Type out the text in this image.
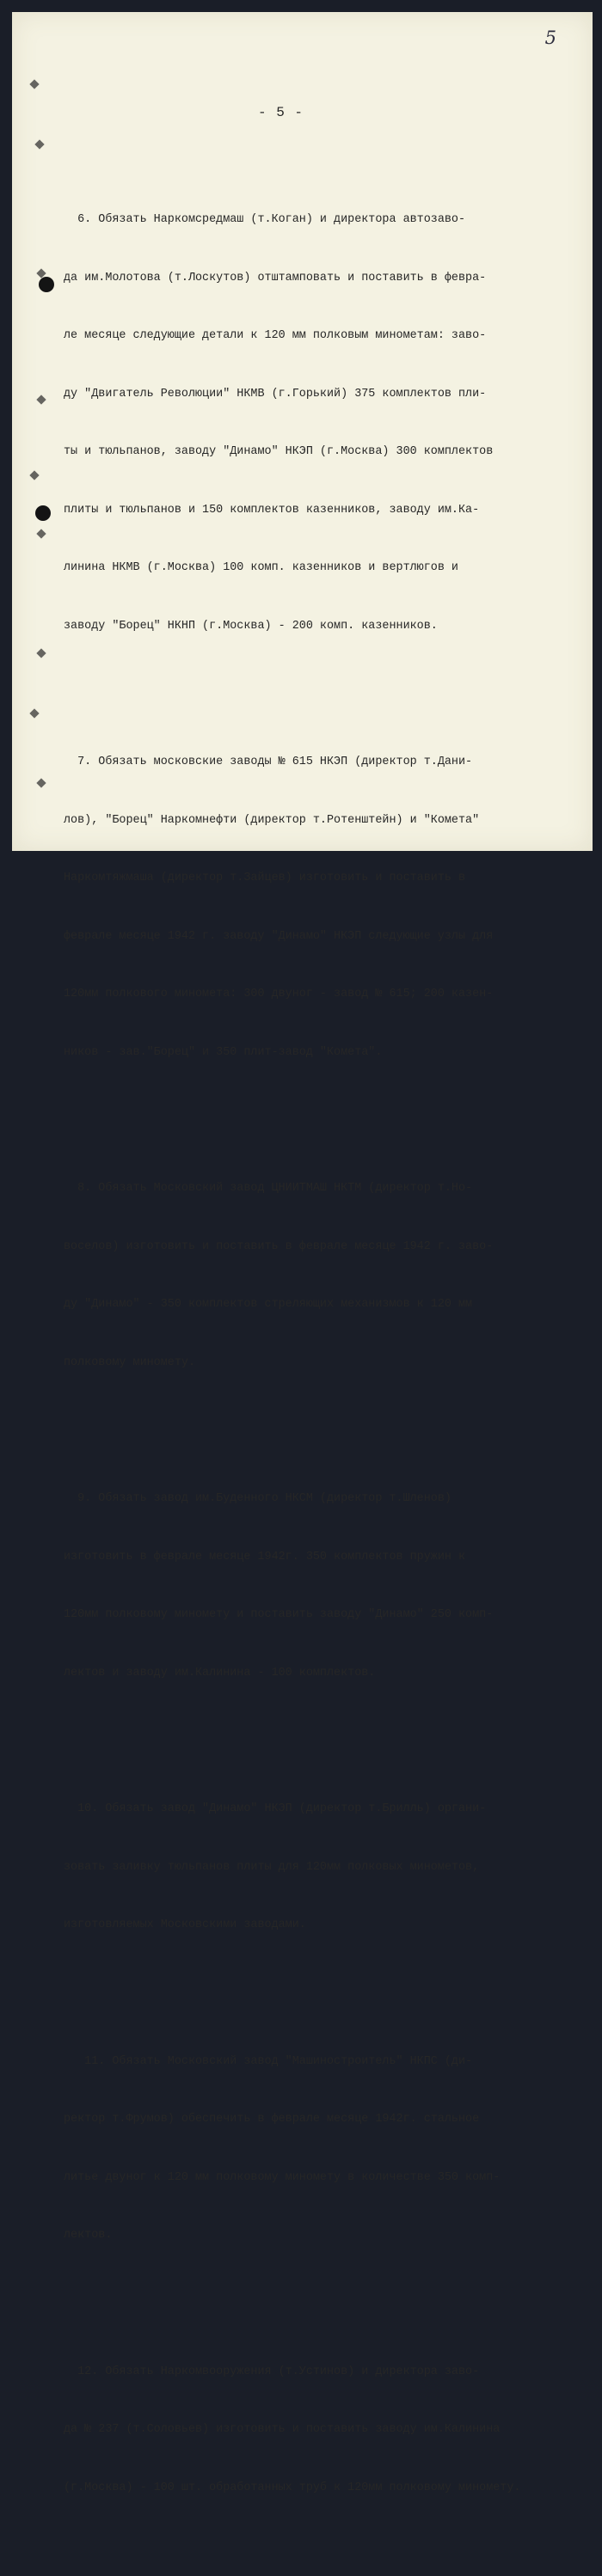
5
- 5 -

6. Обязать Наркомсредмаш (т.Коган) и директора автозаво-

да им.Молотова (т.Лоскутов) отштамповать и поставить в февра-

ле месяце следующие детали к 120 мм полковым минометам: заво-

ду "Двигатель Революции" НКМВ (г.Горький) 375 комплектов пли-

ты и тюльпанов, заводу "Динамо" НКЭП (г.Москва) 300 комплектов

плиты и тюльпанов и 150 комплектов казенников, заводу им.Ка-

линина НКМВ (г.Москва) 100 комп. казенников и вертлюгов и

заводу "Борец" НКНП (г.Москва) - 200 комп. казенников.

7. Обязать московские заводы № 615 НКЭП (директор т.Дани-

лов), "Борец" Наркомнефти (директор т.Ротенштейн) и "Комета"

Наркомтяжмаша (директор т.Зайцев) изготовить и поставить в

феврале месяце 1942 г. заводу "Динамо" НКЭП следующие узлы для

120мм полкового миномета: 300 двуног - завод № 615; 200 казен-

ников - зав."Борец" и 350 плит-завод "Комета".

8. Обязать Московский завод ЦНИИТМАШ НКТМ (директор т.Но-

воселов) изготовить и поставить в феврале месяце 1942 г. заво-

ду "Динамо" - 350 комплектов стреляющих механизмов к 120 мм

полковому миномету.

9. Обязать завод им.Буденного НКСМ (директор т.Шленов)

изготовить в феврале месяце 1942г. 350 комплектов пружин к

120мм полковому миномету и поставить заводу "Динамо" 250 комп-

лектов и заводу им.Калинина - 100 комплектов.

10. Обязать завод "Динамо" НКЭП (директор т.Брилль) органи-

зовать заливку тюльпанов плиты для 120мм полковых минометов,

изготовляемых Московскими заводами.

11. Обязать Московский завод "Машиностроитель" НКПС (ди-

ректор т.Фрумов) обеспечить в феврале месяце 1942г. стальное

литье двуног к 120 мм полковому миномету в количестве 350 комп-

лектов.

12. Обязать Наркомвооружения (т.Устинов) и директора заво-

да № 237 (т.Соловьев) изготовить и поставить заводу им.Калинина

(г.Москва) - 100 шт. обработанных труб к 120мм полковому миномету.
